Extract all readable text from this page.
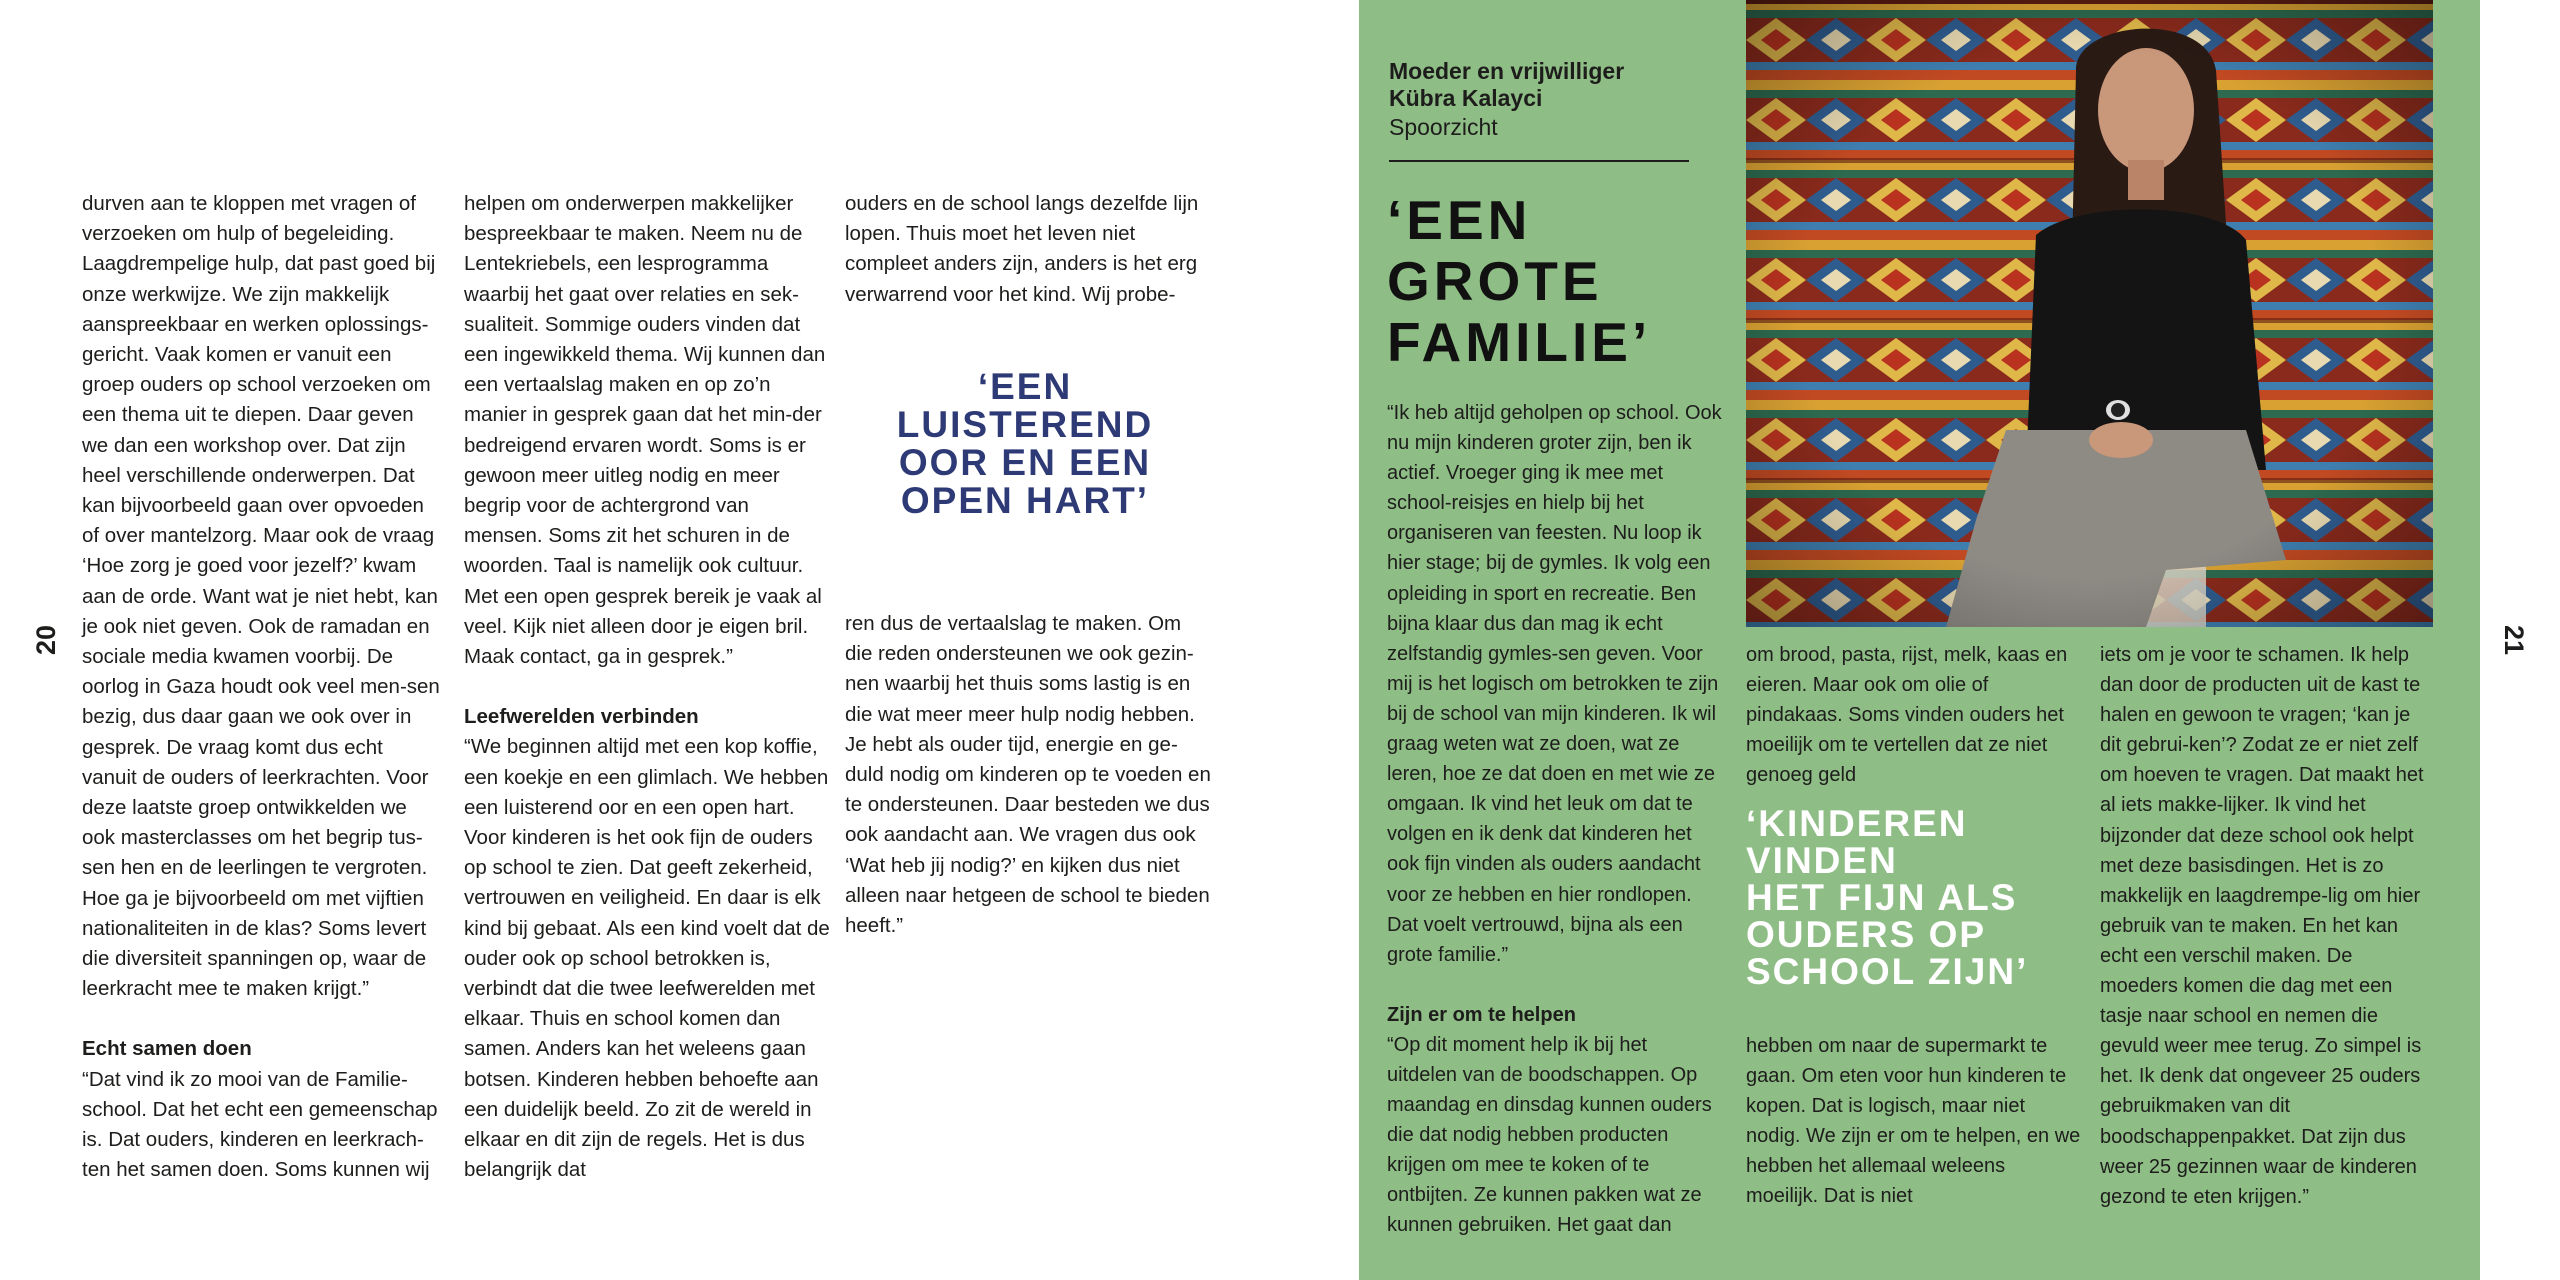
20

durven aan te kloppen met vragen of verzoeken om hulp of begeleiding. Laagdrempelige hulp, dat past goed bij onze werkwijze. We zijn makkelijk aanspreekbaar en werken oplossings-gericht. Vaak komen er vanuit een groep ouders op school verzoeken om een thema uit te diepen. Daar geven we dan een workshop over. Dat zijn heel verschillende onderwerpen. Dat kan bijvoorbeeld gaan over opvoeden of over mantelzorg. Maar ook de vraag ‘Hoe zorg je goed voor jezelf?’ kwam aan de orde. Want wat je niet hebt, kan je ook niet geven. Ook de ramadan en sociale media kwamen voorbij. De oorlog in Gaza houdt ook veel men-sen bezig, dus daar gaan we ook over in gesprek. De vraag komt dus echt vanuit de ouders of leerkrachten. Voor deze laatste groep ontwikkelden we ook masterclasses om het begrip tus-sen hen en de leerlingen te vergroten. Hoe ga je bijvoorbeeld om met vijftien nationaliteiten in de klas? Soms levert die diversiteit spanningen op, waar de leerkracht mee te maken krijgt.”

Echt samen doen

“Dat vind ik zo mooi van de Familie-school. Dat het echt een gemeenschap is. Dat ouders, kinderen en leerkrach-ten het samen doen. Soms kunnen wij

helpen om onderwerpen makkelijker bespreekbaar te maken. Neem nu de Lentekriebels, een lesprogramma waarbij het gaat over relaties en sek-sualiteit. Sommige ouders vinden dat een ingewikkeld thema. Wij kunnen dan een vertaalslag maken en op zo’n manier in gesprek gaan dat het min-der bedreigend ervaren wordt. Soms is er gewoon meer uitleg nodig en meer begrip voor de achtergrond van mensen. Soms zit het schuren in de woorden. Taal is namelijk ook cultuur. Met een open gesprek bereik je vaak al veel. Kijk niet alleen door je eigen bril. Maak contact, ga in gesprek.”

Leefwerelden verbinden

“We beginnen altijd met een kop koffie, een koekje en een glimlach. We hebben een luisterend oor en een open hart. Voor kinderen is het ook fijn de ouders op school te zien. Dat geeft zekerheid, vertrouwen en veiligheid. En daar is elk kind bij gebaat. Als een kind voelt dat de ouder ook op school betrokken is, verbindt dat die twee leefwerelden met elkaar. Thuis en school komen dan samen. Anders kan het weleens gaan botsen. Kinderen hebben behoefte aan een duidelijk beeld. Zo zit de wereld in elkaar en dit zijn de regels. Het is dus belangrijk dat

ouders en de school langs dezelfde lijn lopen. Thuis moet het leven niet compleet anders zijn, anders is het erg verwarrend voor het kind. Wij probe-

‘EEN
LUISTEREND
OOR EN EEN
OPEN HART’

ren dus de vertaalslag te maken. Om die reden ondersteunen we ook gezin-nen waarbij het thuis soms lastig is en die wat meer meer hulp nodig hebben. Je hebt als ouder tijd, energie en ge-duld nodig om kinderen op te voeden en te ondersteunen. Daar besteden we dus ook aandacht aan. We vragen dus ook ‘Wat heb jij nodig?’ en kijken dus niet alleen naar hetgeen de school te bieden heeft.”

Moeder en vrijwilliger
Kübra Kalayci
Spoorzicht
‘EEN
GROTE
FAMILIE’

“Ik heb altijd geholpen op school. Ook nu mijn kinderen groter zijn, ben ik actief. Vroeger ging ik mee met school-reisjes en hielp bij het organiseren van feesten. Nu loop ik hier stage; bij de gymles. Ik volg een opleiding in sport en recreatie. Ben bijna klaar dus dan mag ik echt zelfstandig gymles-sen geven. Voor mij is het logisch om betrokken te zijn bij de school van mijn kinderen. Ik wil graag weten wat ze doen, wat ze leren, hoe ze dat doen en met wie ze omgaan. Ik vind het leuk om dat te volgen en ik denk dat kinderen het ook fijn vinden als ouders aandacht voor ze hebben en hier rondlopen. Dat voelt vertrouwd, bijna als een grote familie.”

Zijn er om te helpen

“Op dit moment help ik bij het uitdelen van de boodschappen. Op maandag en dinsdag kunnen ouders die dat nodig hebben producten krijgen om mee te koken of te ontbijten. Ze kunnen pakken wat ze kunnen gebruiken. Het gaat dan

om brood, pasta, rijst, melk, kaas en eieren. Maar ook om olie of pindakaas. Soms vinden ouders het moeilijk om te vertellen dat ze niet genoeg geld

‘KINDEREN
VINDEN
HET FIJN ALS
OUDERS OP
SCHOOL ZIJN’

hebben om naar de supermarkt te gaan. Om eten voor hun kinderen te kopen. Dat is logisch, maar niet nodig. We zijn er om te helpen, en we hebben het allemaal weleens moeilijk. Dat is niet

iets om je voor te schamen. Ik help dan door de producten uit de kast te halen en gewoon te vragen; ‘kan je dit gebrui-ken’? Zodat ze er niet zelf om hoeven te vragen. Dat maakt het al iets makke-lijker. Ik vind het bijzonder dat deze school ook helpt met deze basisdingen. Het is zo makkelijk en laagdrempe-lig om hier gebruik van te maken. En het kan echt een verschil maken. De moeders komen die dag met een tasje naar school en nemen die gevuld weer mee terug. Zo simpel is het. Ik denk dat ongeveer 25 ouders gebruikmaken van dit boodschappenpakket. Dat zijn dus weer 25 gezinnen waar de kinderen gezond te eten krijgen.”

21
